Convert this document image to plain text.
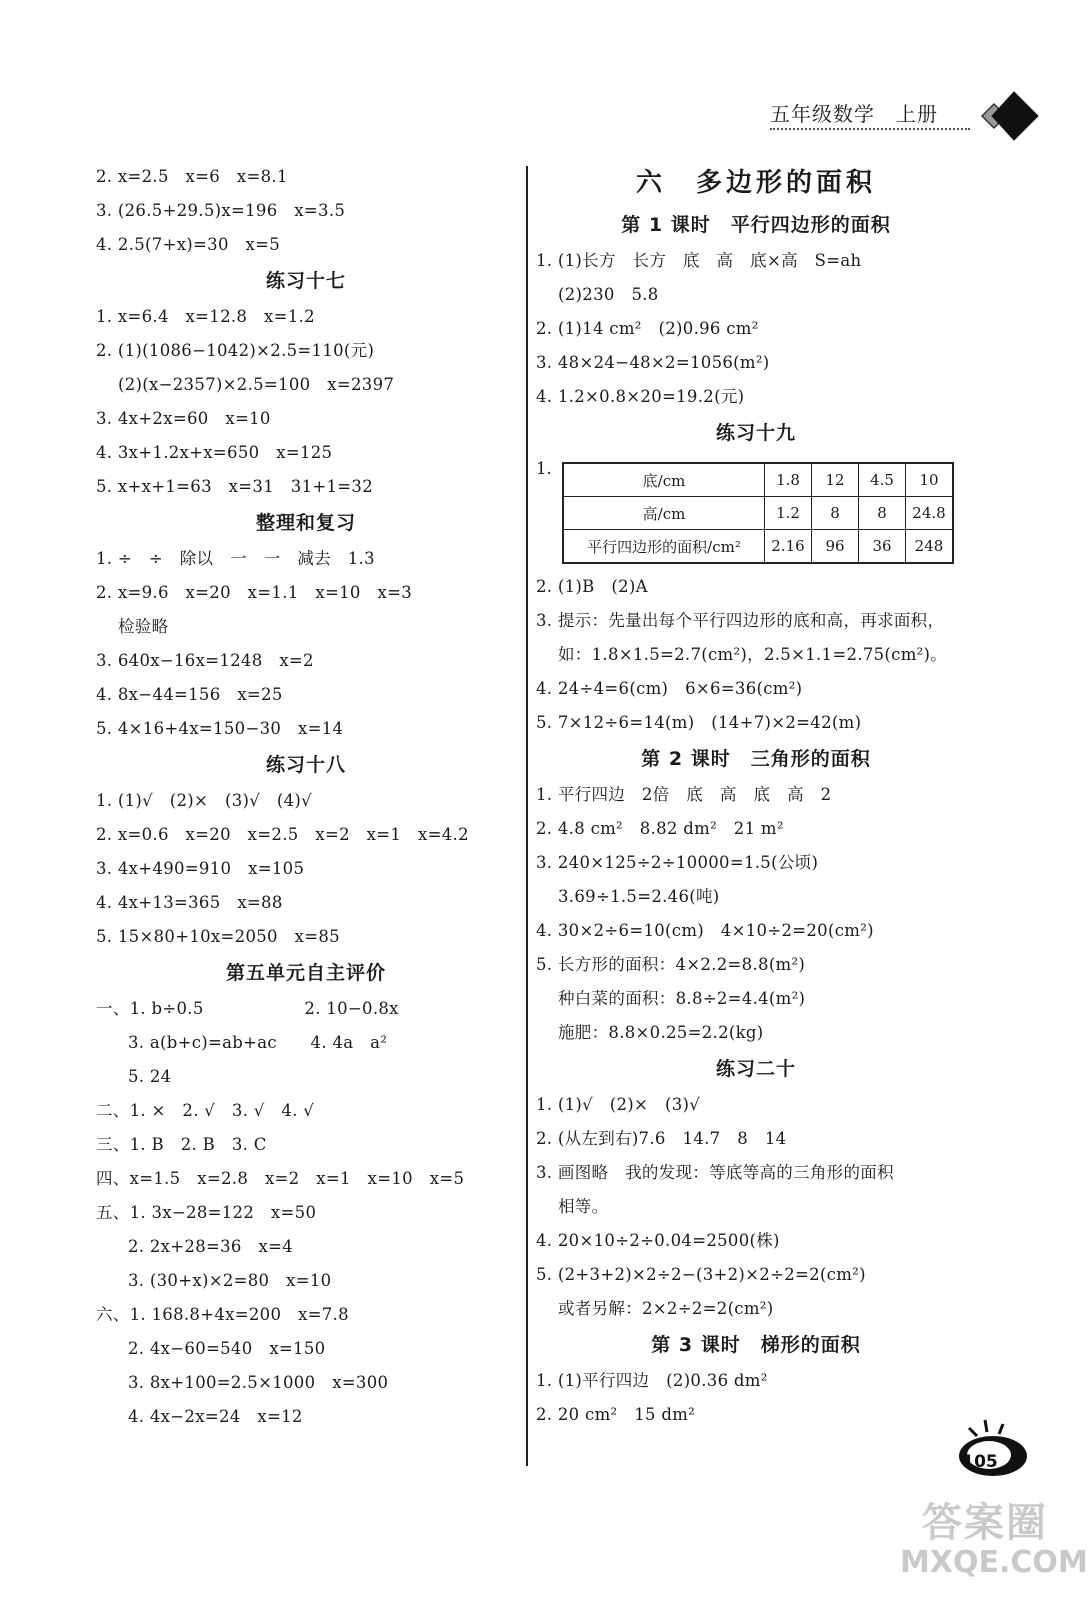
五年级数学　上册
2. x=2.5　x=6　x=8.1
3. (26.5+29.5)x=196　x=3.5
4. 2.5(7+x)=30　x=5
练习十七
1. x=6.4　x=12.8　x=1.2
2. (1)(1086−1042)×2.5=110(元)
(2)(x−2357)×2.5=100　x=2397
3. 4x+2x=60　x=10
4. 3x+1.2x+x=650　x=125
5. x+x+1=63　x=31　31+1=32
整理和复习
1. ÷　÷　除以　一　一　减去　1.3
2. x=9.6　x=20　x=1.1　x=10　x=3
检验略
3. 640x−16x=1248　x=2
4. 8x−44=156　x=25
5. 4×16+4x=150−30　x=14
练习十八
1. (1)√　(2)×　(3)√　(4)√
2. x=0.6　x=20　x=2.5　x=2　x=1　x=4.2
3. 4x+490=910　x=105
4. 4x+13=365　x=88
5. 15×80+10x=2050　x=85
第五单元自主评价
一、1. b÷0.5　　　　　　2. 10−0.8x
3. a(b+c)=ab+ac　　4. 4a　a²
5. 24
二、1. ×　2. √　3. √　4. √
三、1. B　2. B　3. C
四、x=1.5　x=2.8　x=2　x=1　x=10　x=5
五、1. 3x−28=122　x=50
2. 2x+28=36　x=4
3. (30+x)×2=80　x=10
六、1. 168.8+4x=200　x=7.8
2. 4x−60=540　x=150
3. 8x+100=2.5×1000　x=300
4. 4x−2x=24　x=12
六　多边形的面积
第 1 课时　平行四边形的面积
1. (1)长方　长方　底　高　底×高　S=ah
(2)230　5.8
2. (1)14 cm²　(2)0.96 cm²
3. 48×24−48×2=1056(m²)
4. 1.2×0.8×20=19.2(元)
练习十九
1.
底/cm	1.8	12	4.5	10
高/cm	1.2	8	8	24.8
平行四边形的面积/cm²	2.16	96	36	248
2. (1)B　(2)A
3. 提示：先量出每个平行四边形的底和高，再求面积，
如：1.8×1.5=2.7(cm²)，2.5×1.1=2.75(cm²)。
4. 24÷4=6(cm)　6×6=36(cm²)
5. 7×12÷6=14(m)　(14+7)×2=42(m)
第 2 课时　三角形的面积
1. 平行四边　2倍　底　高　底　高　2
2. 4.8 cm²　8.82 dm²　21 m²
3. 240×125÷2÷10000=1.5(公顷)
3.69÷1.5=2.46(吨)
4. 30×2÷6=10(cm)　4×10÷2=20(cm²)
5. 长方形的面积：4×2.2=8.8(m²)
种白菜的面积：8.8÷2=4.4(m²)
施肥：8.8×0.25=2.2(kg)
练习二十
1. (1)√　(2)×　(3)√
2. (从左到右)7.6　14.7　8　14
3. 画图略　我的发现：等底等高的三角形的面积
相等。
4. 20×10÷2÷0.04=2500(株)
5. (2+3+2)×2÷2−(3+2)×2÷2=2(cm²)
或者另解：2×2÷2=2(cm²)
第 3 课时　梯形的面积
1. (1)平行四边　(2)0.36 dm²
2. 20 cm²　15 dm²
105
答案圈
MXQE.COM
